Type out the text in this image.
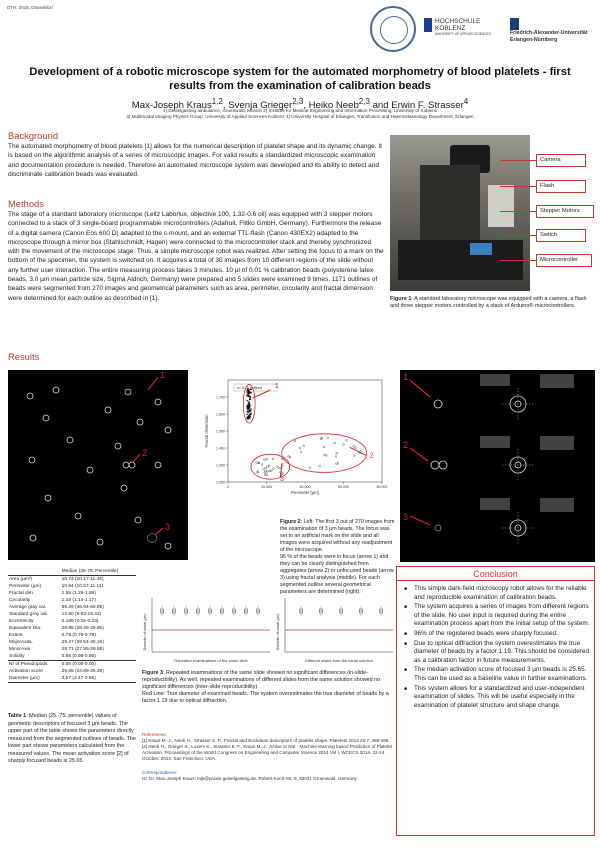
DTH, 2015, Düsseldorf
HOCHSCHULE
KOBLENZ
UNIVERSITY OF APPLIED SCIENCES	Friedrich-Alexander-Universität
Erlangen-Nürnberg
Development of a robotic microscope system for the automated morphometry of blood platelets - first results from the examination of calibration beads
Max-Joseph Kraus$^{1,2}$, Svenja Grieger$^{2,3}$, Heiko Neeb$^{2,3}$ and Erwin F. Strasser$^4$
1) Geiselgasteig ambulance, Gruenwald, Munich 2) Institute for Medical Engineering and Information Processing, University of Koblenz
3) Multimodal Imaging Physics Group; University of Applied Sciences Koblenz 4) University Hospital of Erlangen, Transfusion and Haemostaseology Department, Erlangen
Background
The automated morphometry of blood platelets [1] allows for the numerical description of platelet shape and its dynamic change. It is based on the algorithmic analysis of a series of microscopic images. For valid results a standardized microscopic examination and documentation procedure is needed. Therefore an automated microscope system was developed and its ability to detect and discriminate calibration beads was evaluated.
Methods
The stage of a standard laboratory microscope (Leitz Laborlux, objective 100, 1.32-0.6 oil) was equipped with 3 stepper motors connected to a stack of 3 single-board programmable microcontrollers (Adafruit, Flitko GmbH, Germany). Furthermore the release of a digital camera (Canon Eos 600 D) adapted to the c-mount, and an external TTL-flash (Canon 430EX2) adapted to the microscope through a mirror box (Stahlschmidt, Hagen) were connected to the microcontroller stack and thereby synchronized with the movement of the microscope stage. Thus, a simple microscope robot was realized. After setting the focus to a mark on the bottom of the specimen, the system is switched on. It acquires a total of 30 images from 10 different regions of the slide without any further user interaction. The entire measuring process takes 3 minutes. 10 µl of 0.01 % calibration beads (polysterene latex beads, 3.0 µm mean particle size, Sigma Aldrich, Germany) were prepared and 5 slides were examined 9 times. 1171 outlines of beads were segmented from 270 images and geometrical parameters such as area, perimeter, circularity and fractal dimension were determined for each outline as described in [1].
Results
Camera
Flash
Stepper Motors
Switch
Microcontroller
Figure 1: A standard laboratory microscope was equipped with a camera, a flash and three stepper motors controlled by a stack of Arduino® microcontrollers.
1
2
3
1.200
1.300
1.400
1.500
1.600
1.700
0	20,000	40,000	60,000	80,000
Perimeter [µm]
Fractal dimension
n=1171 outlines 1
2
3
1
2
3
Figure 2: Left: The first 3 out of 270 images from the examination of 3 µm beads. The focus was set to an artificial mark on the slide and all images were acquired without any readjustment of the microscope.
96 % of the beads were in focus (arrow 1) and they can be clearly distinguished from aggregates (arrow 2) or unfocused beads (arrow 3) using fractal analysis (middle). For each segmented outline several geometrical parameters are determined (right).
	Median (25-75. Percentile)
Area (µm²)	10.72 (10.17-11.44)
Perimeter (µm)	10.84 (10.57-11.11)
Fractal dim.	1.55 (1.29-1.59)
Circularity	1.16 (1.14-1.17)
Average gray val.	59.29 (46.94-69.95)
Standard gray val.	12.60 (9.63-16.43)
Eccentricity	0.199 (0.15-0.23)
Equivalent Dia.	28.95 (28.25-29.85)
Extent	0.78 (0.79-0.79)
MajorAxisL	29.27 (28.54-30.16)
MinorAxis	28.71 (27.95-29.58)
Solidity	0.98 (0.98-0.98)
Nr of Pseudopods	0.00 (0.00-0.00)
Activation score	25.65 (24.89-26.38)
Diameter (µm)	3.57 (3.47-3.68)
Table 1: Median (25.-75. percentile) values of geometric descriptors of focused 3 µm beads. The upper part of the table shows the parameters directly measured from the segmented outlines of beads. The lower part shows parameters calculated from the measured values. The mean activation score [2] of sharply focused beads is 25.65.
Diameter of beads (µm)
Repeated examinations of the same slide
Diameter of beads (µm)
Different slides from the same solution
Figure 3: Repeated examinations of the same slide showed no significant differences (in-slide-reproducibility). As well, repeated examinations of different slides from the same solution showed no significant differences (inter-slide-reproducibility).
Red Line: True diameter of examined beads. The system overestimates the true diameter of beads by a factor 1.19 due to optical diffraction.
References:
[1] Kraus M.-J., Neeb H., Strasser E. F.: Fractal and Euclidean descriptors of platelet shape. Platelets 2014 25:7, 488-498.
[2] Neeb H., Grieger S., Luxem K., Strasser E. F., Kraus M.-J.: Active or Not - Machine-learning based Prediction of Platelet Activation. Proceedings of the World Congress on Engineering and Computer Science 2014 Vol I, WCECS 2014, 22-24 October, 2014, San Francisco, USA.
Correspondence:
Dr. Dr. Max-Joseph Kraus: mjk@praxis-geiselgasteig.de, Robert-Koch-Str. 9, 82031 Gruenwald, Germany
Conclusion
■ This simple dark-field microscopy robot allows for the reliable and reproducible examination of calibration beads.
■ The system acquires a series of images from different regions of the slide. No user input is required during the entire examination process apart from the initial setup of the system.
■ 96% of the registered beads were sharply focused.
■ Due to optical diffraction the system overestimates the true diameter of beads by a factor 1.19. This should be considered as a calibration factor in future measurements.
■ The median activation score of focused 3 µm beads is 25.65. This can be used as a baseline value in further examinations.
■ This system allows for a standardized and user-independent examination of slides. This will be useful especially in the examination of platelet structure and shape change.
